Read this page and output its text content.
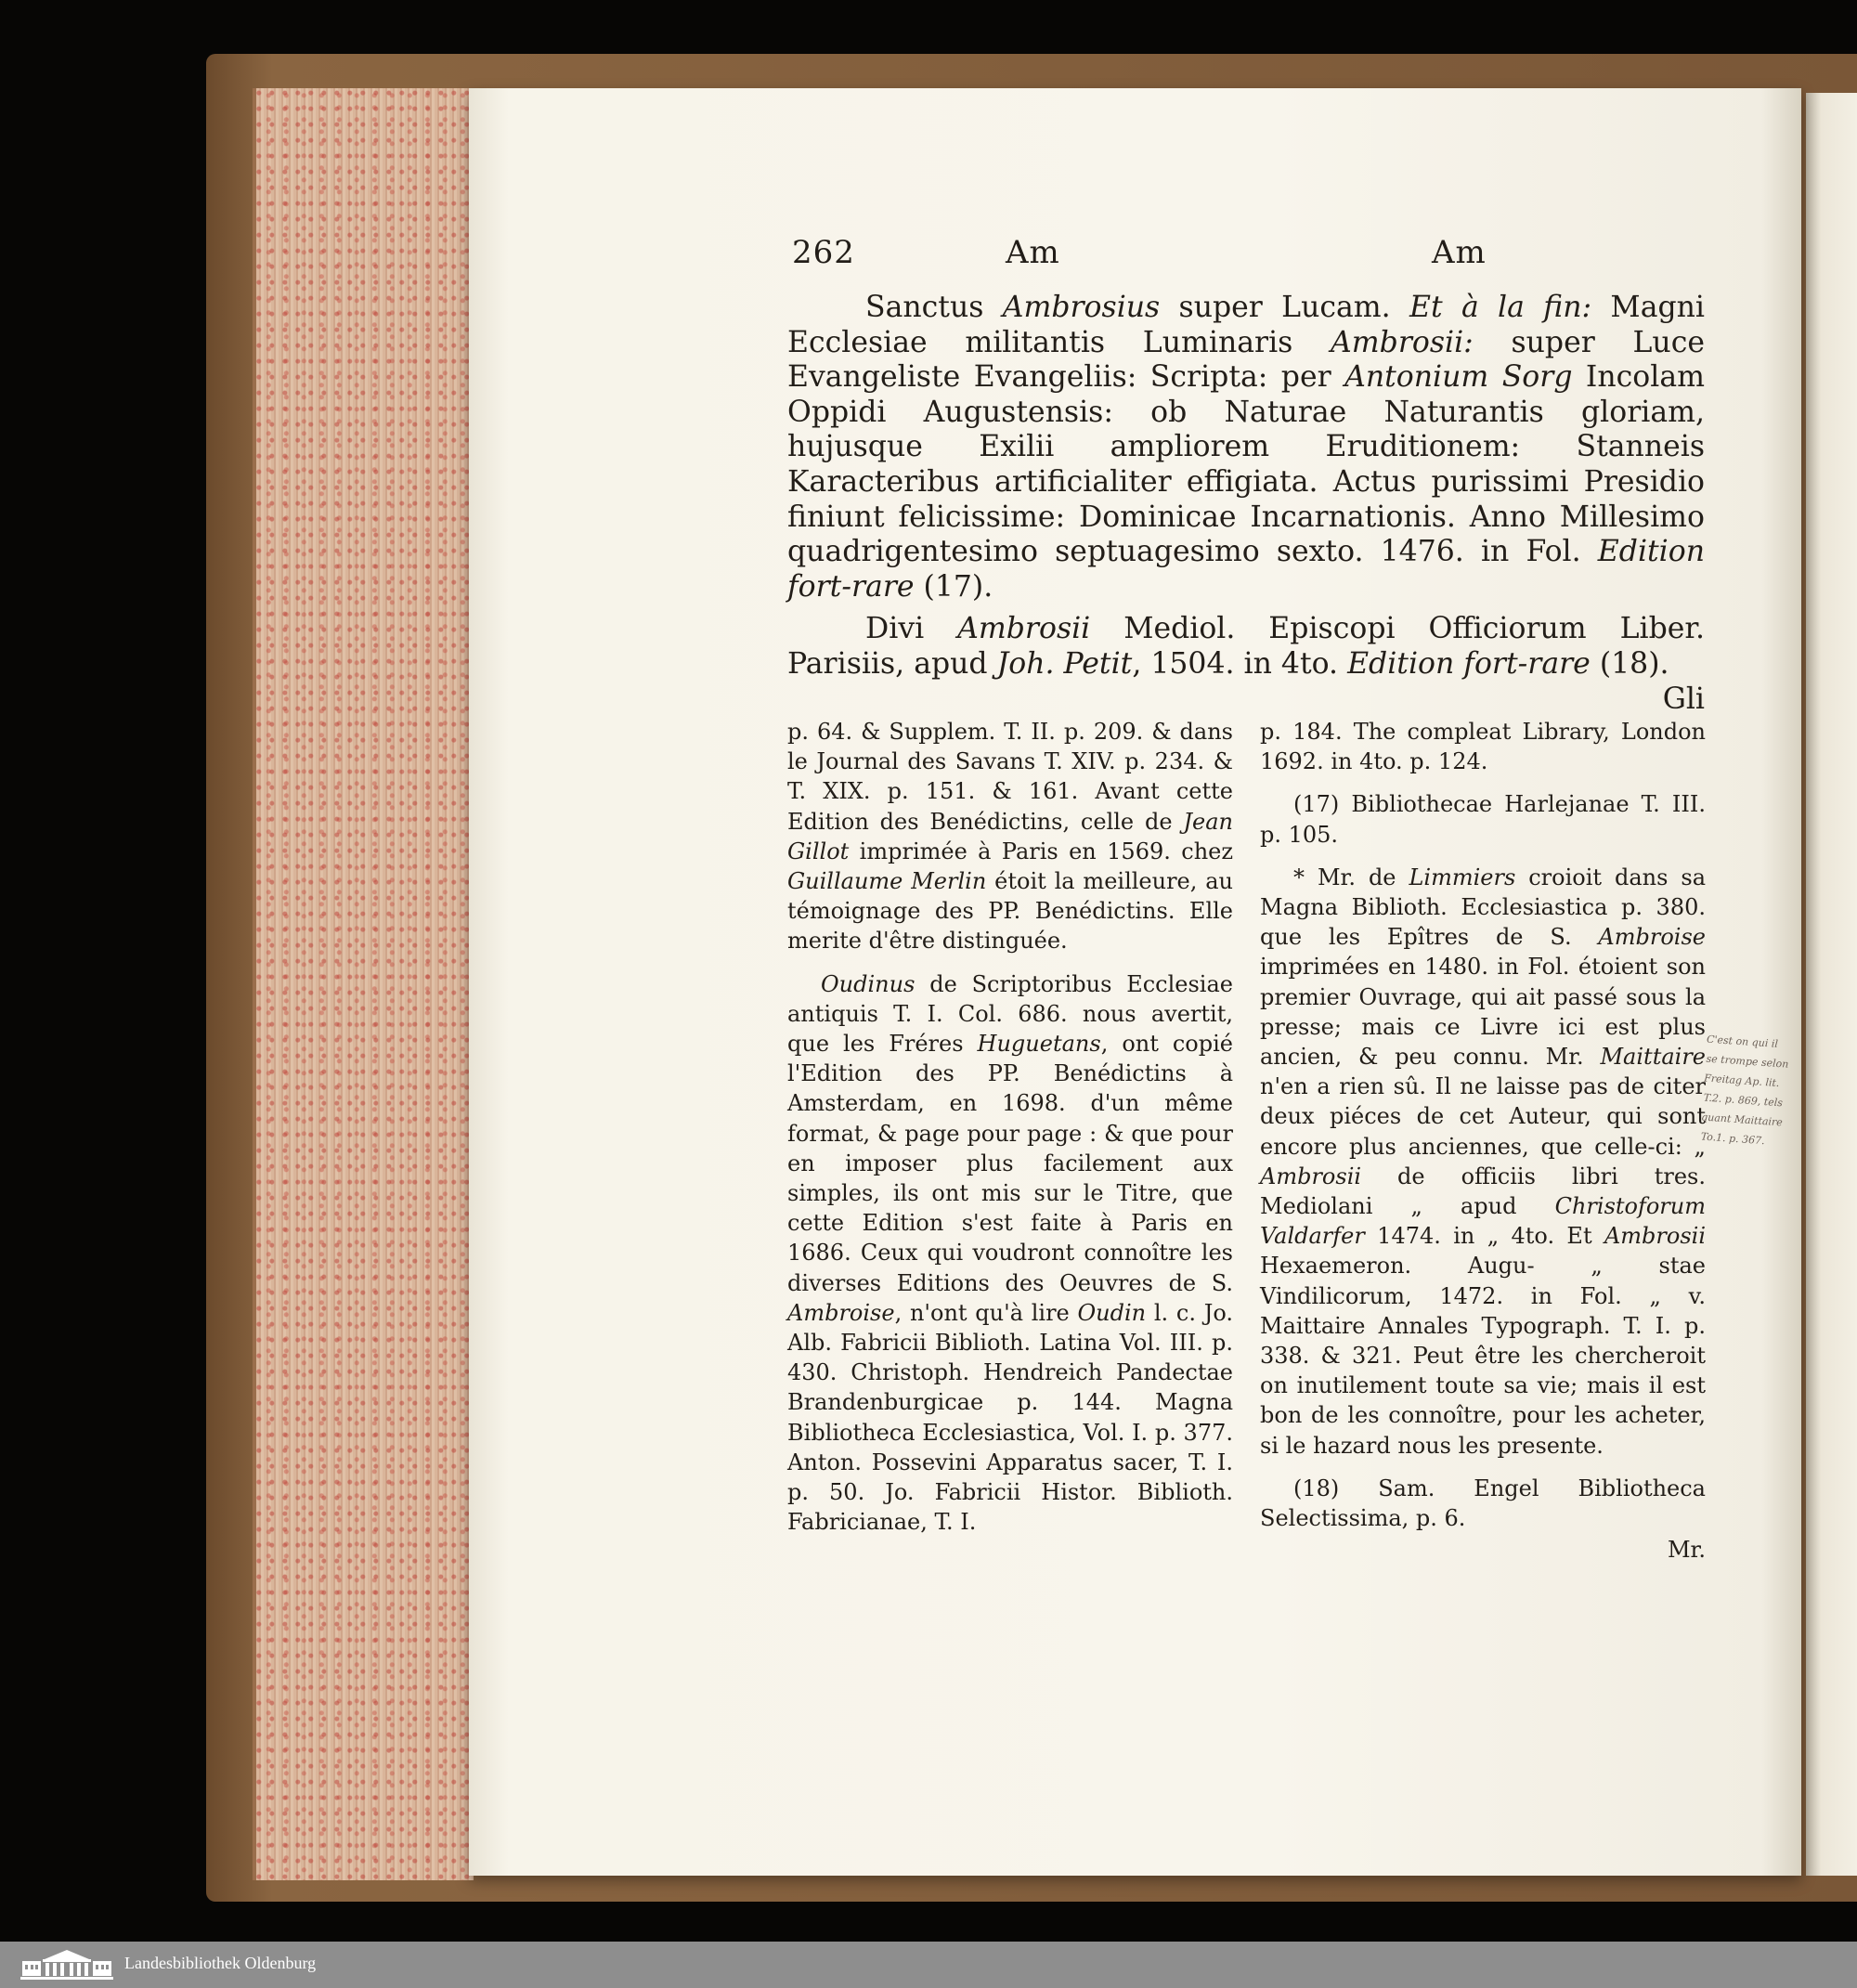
262	Am	Am

Sanctus Ambrosius super Lucam. Et à la fin: Magni Ecclesiae militantis Luminaris Ambrosii: super Luce Evangeliste Evangeliis: Scripta: per Antonium Sorg Incolam Oppidi Augustensis: ob Naturae Naturantis gloriam, hujusque Exilii ampliorem Eruditionem: Stanneis Karacteribus artificialiter effigiata. Actus purissimi Presidio finiunt felicissime: Dominicae Incarnationis. Anno Millesimo quadrigentesimo septuagesimo sexto. 1476. in Fol. Edition fort-rare (17).

Divi Ambrosii Mediol. Episcopi Officiorum Liber. Parisiis, apud Joh. Petit, 1504. in 4to. Edition fort-rare (18).

Gli

p. 64. & Supplem. T. II. p. 209. & dans le Journal des Savans T. XIV. p. 234. & T. XIX. p. 151. & 161. Avant cette Edition des Benédictins, celle de Jean Gillot imprimée à Paris en 1569. chez Guillaume Merlin étoit la meilleure, au témoignage des PP. Benédictins. Elle merite d'être distinguée.

Oudinus de Scriptoribus Ecclesiae antiquis T. I. Col. 686. nous avertit, que les Fréres Huguetans, ont copié l'Edition des PP. Benédictins à Amsterdam, en 1698. d'un même format, & page pour page : & que pour en imposer plus facilement aux simples, ils ont mis sur le Titre, que cette Edition s'est faite à Paris en 1686. Ceux qui voudront connoître les diverses Editions des Oeuvres de S. Ambroise, n'ont qu'à lire Oudin l. c. Jo. Alb. Fabricii Biblioth. Latina Vol. III. p. 430. Christoph. Hendreich Pandectae Brandenburgicae p. 144. Magna Bibliotheca Ecclesiastica, Vol. I. p. 377. Anton. Possevini Apparatus sacer, T. I. p. 50. Jo. Fabricii Histor. Biblioth. Fabricianae, T. I.

p. 184. The compleat Library, London 1692. in 4to. p. 124.

(17) Bibliothecae Harlejanae T. III. p. 105.

* Mr. de Limmiers croioit dans sa Magna Biblioth. Ecclesiastica p. 380. que les Epîtres de S. Ambroise imprimées en 1480. in Fol. étoient son premier Ouvrage, qui ait passé sous la presse; mais ce Livre ici est plus ancien, & peu connu. Mr. Maittaire n'en a rien sû. Il ne laisse pas de citer deux piéces de cet Auteur, qui sont encore plus anciennes, que celle-ci: „ Ambrosii de officiis libri tres. Mediolani „ apud Christoforum Valdarfer 1474. in „ 4to. Et Ambrosii Hexaemeron. Augu- „ stae Vindilicorum, 1472. in Fol. „ v. Maittaire Annales Typograph. T. I. p. 338. & 321. Peut être les chercheroit on inutilement toute sa vie; mais il est bon de les connoître, pour les acheter, si le hazard nous les presente.

(18) Sam. Engel Bibliotheca Selectissima, p. 6.

Mr.

C'est on qui il
se trompe selon
Freitag Ap. lit.
T.2. p. 869, tels
quant Maittaire
To.1. p. 367.
Landesbibliothek Oldenburg
